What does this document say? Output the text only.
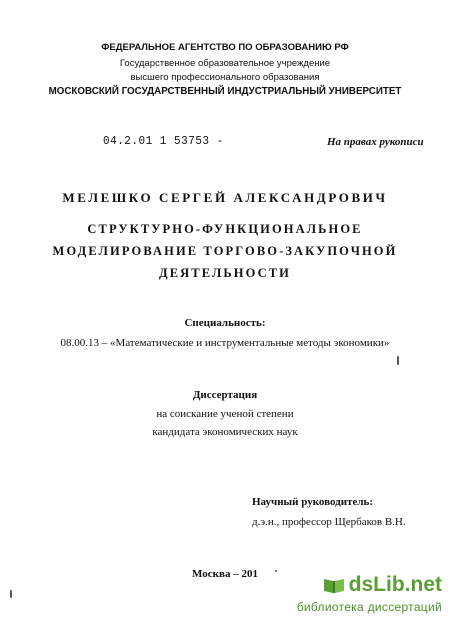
ФЕДЕРАЛЬНОЕ АГЕНТСТВО ПО ОБРАЗОВАНИЮ РФ
Государственное образовательное учреждение
высшего профессионального образования
МОСКОВСКИЙ ГОСУДАРСТВЕННЫЙ ИНДУСТРИАЛЬНЫЙ УНИВЕРСИТЕТ
04.2.01 1 53753 -	На правах рукописи
МЕЛЕШКО СЕРГЕЙ АЛЕКСАНДРОВИЧ
СТРУКТУРНО-ФУНКЦИОНАЛЬНОЕ
МОДЕЛИРОВАНИЕ ТОРГОВО-ЗАКУПОЧНОЙ
ДЕЯТЕЛЬНОСТИ
Специальность:
08.00.13 – «Математические и инструментальные методы экономики»
Диссертация
на соискание ученой степени
кандидата экономических наук
Научный руководитель:
д.э.н., профессор Щербаков В.Н.
Москва – 201	dsLib.net
библиотека диссертаций
